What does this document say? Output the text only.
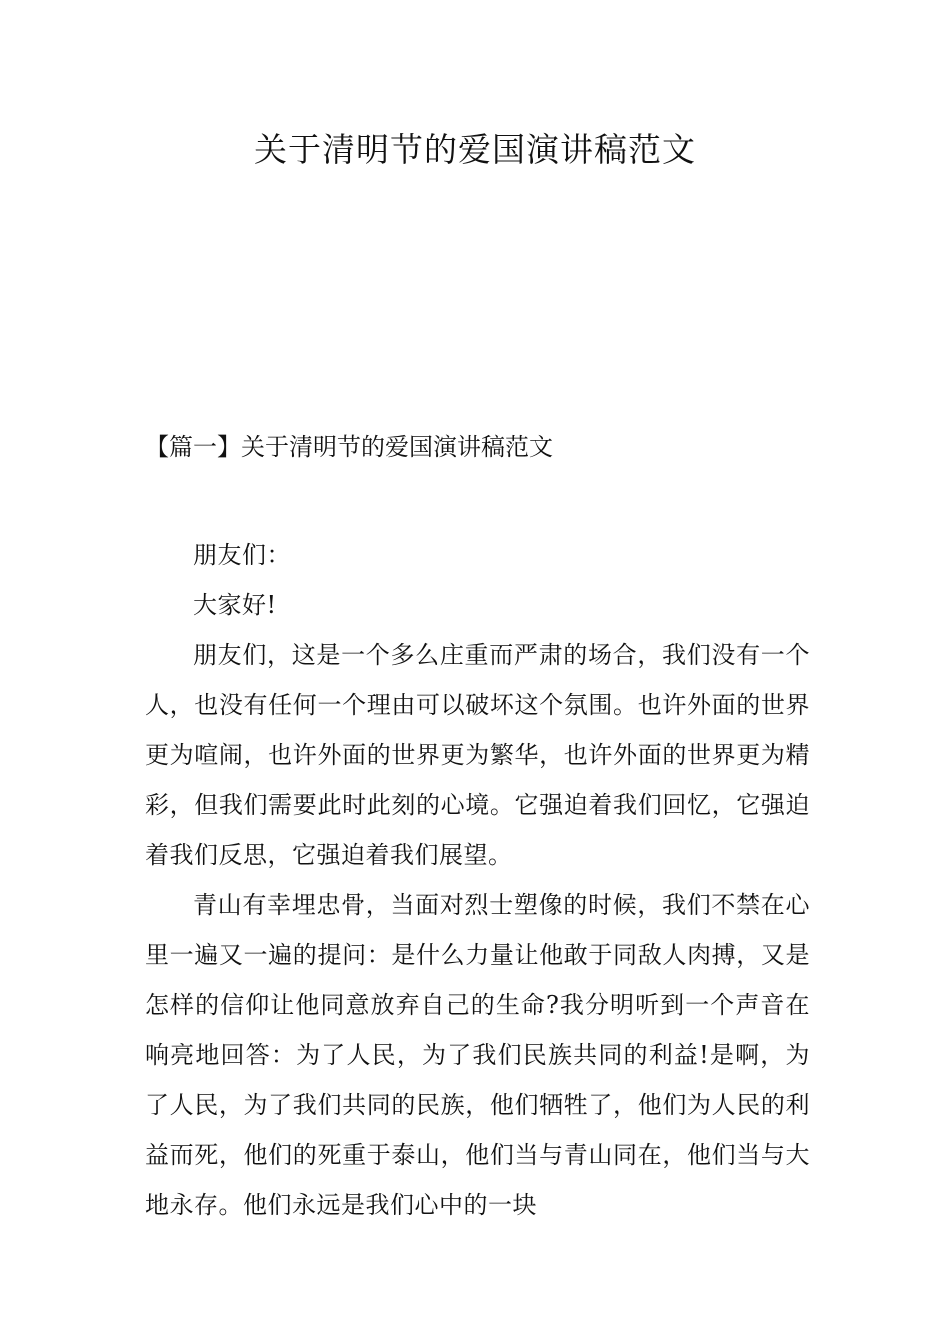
关于清明节的爱国演讲稿范文
【篇一】关于清明节的爱国演讲稿范文

朋友们：

大家好!

朋友们，这是一个多么庄重而严肃的场合，我们没有一个人，也没有任何一个理由可以破坏这个氛围。也许外面的世界更为喧闹，也许外面的世界更为繁华，也许外面的世界更为精彩，但我们需要此时此刻的心境。它强迫着我们回忆，它强迫着我们反思，它强迫着我们展望。

青山有幸埋忠骨，当面对烈士塑像的时候，我们不禁在心里一遍又一遍的提问：是什么力量让他敢于同敌人肉搏，又是怎样的信仰让他同意放弃自己的生命?我分明听到一个声音在响亮地回答：为了人民，为了我们民族共同的利益!是啊，为了人民，为了我们共同的民族，他们牺牲了，他们为人民的利益而死，他们的死重于泰山，他们当与青山同在，他们当与大地永存。他们永远是我们心中的一块
